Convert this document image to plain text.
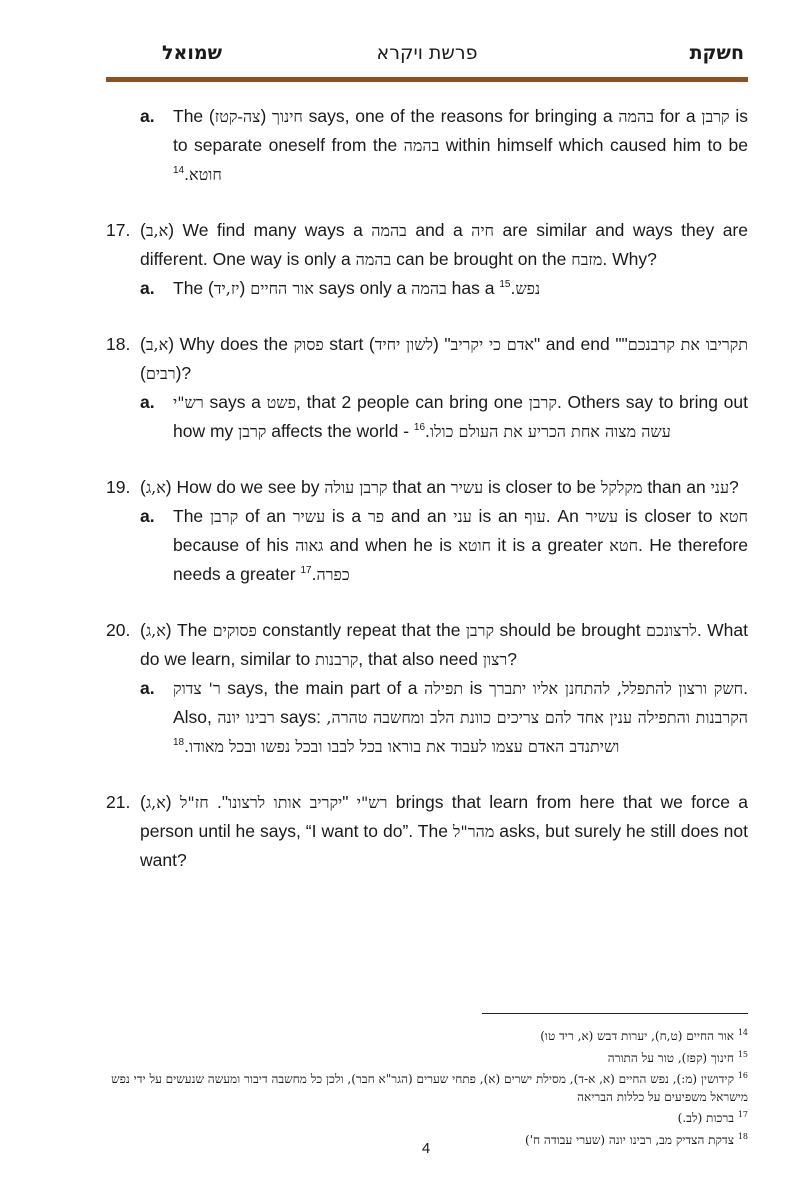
חשקת
פרשת ויקרא
שמואל
a. The (צה-קטז) חינוך says, one of the reasons for bringing a בהמה for a קרבן is to separate oneself from the בהמה within himself which caused him to be חוטא.$^{14}$
17. (א,ב) We find many ways a בהמה and a חיה are similar and ways they are different. One way is only a בהמה can be brought on the מזבח. Why?
a. The (יז,יד) אור החיים says only a בהמה has a נפש.$^{15}$
18. (א,ב) Why does the פסוק start (לשון יחיד) "אדם כי יקריב" and end " תקריבו את קרבנכם" (רבים)?
a. רש"י says a פשט, that 2 people can bring one קרבן. Others say to bring out how my קרבן affects the world - עשה מצוה אחת הכריע את העולם כולו.$^{16}$
19. (א,ג) How do we see by קרבן עולה that an עשיר is closer to be מקלקל than an עני?
a. The קרבן of an עשיר is a פר and an עני is an עוף. An עשיר is closer to חטא because of his גאוה and when he is חוטא it is a greater חטא. He therefore needs a greater כפרה.$^{17}$
20. (א,ג) The פסוקים constantly repeat that the קרבן should be brought לרצונכם. What do we learn, similar to קרבנות, that also need רצון?
a. ר' צדוק says, the main part of a תפילה is	חשק ורצון להתפלל, להתחנן אליו יתברך	. Also, רבינו יונה says: הקרבנות והתפילה ענין אחד להם צריכים כוונת הלב ומחשבה טהרה, ושיתנדב האדם עצמו לעבוד את בוראו בכל לבבו ובכל נפשו ובכל מאודו.$^{18}$
21. (א,ג)	רש"י "יקריב אותו לרצונו". חז"ל	brings that learn from here that we force a person until he says, “I want to do”. The מהר"ל asks, but surely he still does not want?
$^{14}$ אור החיים (ט,ח), יערות דבש (א, ריד טו)
$^{15}$ חינוך (קפז), טור על התורה
$^{16}$ קידושין (מ:), נפש החיים (א, א-ד), מסילת ישרים (א), פתחי שערים (הגר"א חבר), ולכן כל מחשבה דיבור ומעשה שנעשים על ידי נפש מישראל משפיעים על כללות הבריאה
$^{17}$ ברכות (לב.)
$^{18}$ צדקת הצדיק מב, רבינו יונה (שערי עבודה ח')
4
